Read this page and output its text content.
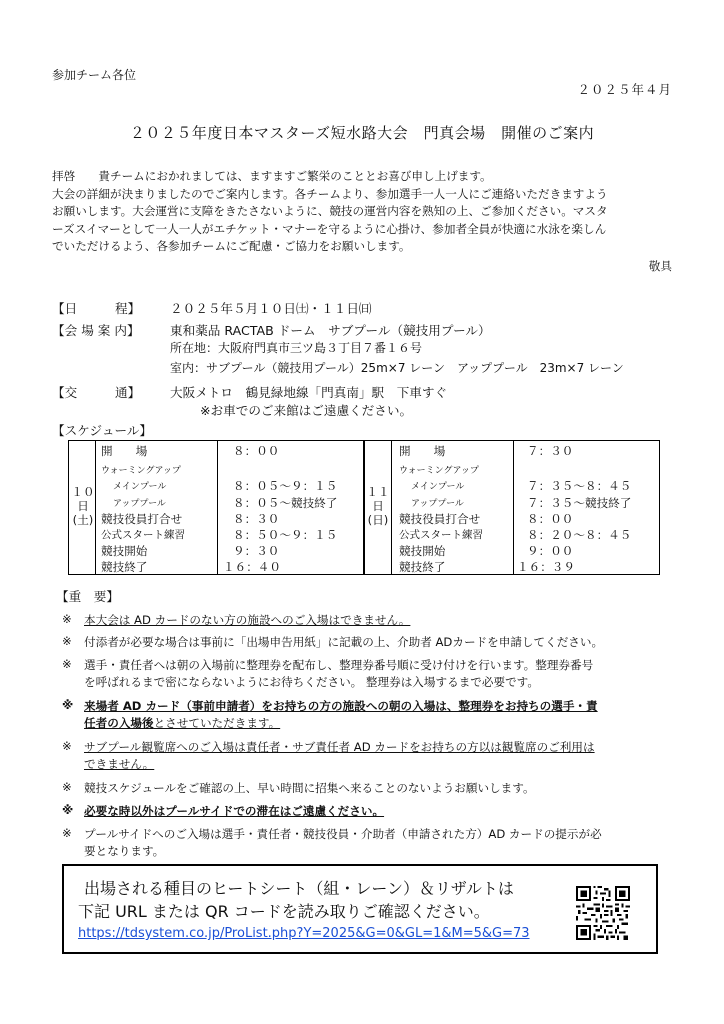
参加チーム各位
２０２５年４月
２０２５年度日本マスターズ短水路大会　門真会場　開催のご案内
拝啓　　貴チームにおかれましては、ますますご繁栄のこととお喜び申し上げます。
大会の詳細が決まりましたのでご案内します。各チームより、参加選手一人一人にご連絡いただきますよう
お願いします。大会運営に支障をきたさないように、競技の運営内容を熟知の上、ご参加ください。マスタ
ーズスイマーとして一人一人がエチケット・マナーを守るように心掛け、参加者全員が快適に水泳を楽しん
でいただけるよう、各参加チームにご配慮・ご協力をお願いします。
敬具
【日　　　程】 ２０２５年５月１０日㈯・１１日㈰
【会 場 案 内】 東和薬品 RACTAB ドーム　サブプール（競技用プール）
所在地：大阪府門真市三ツ島３丁目７番１６号
室内：サブプール（競技用プール）25m×7 レーン　アッププール　23m×7 レーン
【交　　　通】 大阪メトロ　鶴見緑地線「門真南」駅　下車すぐ
※お車でのご来館はご遠慮ください。
【スケジュール】
１０
日
(土)
１１
日
(日)
開　　場	８：００
ウォーミングアップ
メインプール	８：０５〜９：１５
アッププール	８：０５〜競技終了
競技役員打合せ	８：３０
公式スタート練習	８：５０〜９：１５
競技開始	９：３０
競技終了	１６：４０
開　　場	７：３０
ウォーミングアップ
メインプール	７：３５〜８：４５
アッププール	７：３５〜競技終了
競技役員打合せ	８：００
公式スタート練習	８：２０〜８：４５
競技開始	９：００
競技終了	１６：３９
【重　要】
※ 本大会は AD カードのない方の施設へのご入場はできません。
※ 付添者が必要な場合は事前に「出場申告用紙」に記載の上、介助者 ADカードを申請してください。
※ 選手・責任者へは朝の入場前に整理券を配布し、整理券番号順に受け付けを行います。整理券番号
を呼ばれるまで密にならないようにお待ちください。 整理券は入場するまで必要です。
※ 来場者 AD カード（事前申請者）をお持ちの方の施設への朝の入場は、整理券をお持ちの選手・責
任者の入場後とさせていただきます。
※ サブプール観覧席へのご入場は責任者・サブ責任者 AD カードをお持ちの方以は観覧席のご利用は
できません。
※ 競技スケジュールをご確認の上、早い時間に招集へ来ることのないようお願いします。
※ 必要な時以外はプールサイドでの滞在はご遠慮ください。
※ プールサイドへのご入場は選手・責任者・競技役員・介助者（申請された方）AD カードの提示が必
要となります。
出場される種目のヒートシート（組・レーン）＆リザルトは
下記 URL または QR コードを読み取りご確認ください。
https://tdsystem.co.jp/ProList.php?Y=2025&G=0&GL=1&M=5&G=73
